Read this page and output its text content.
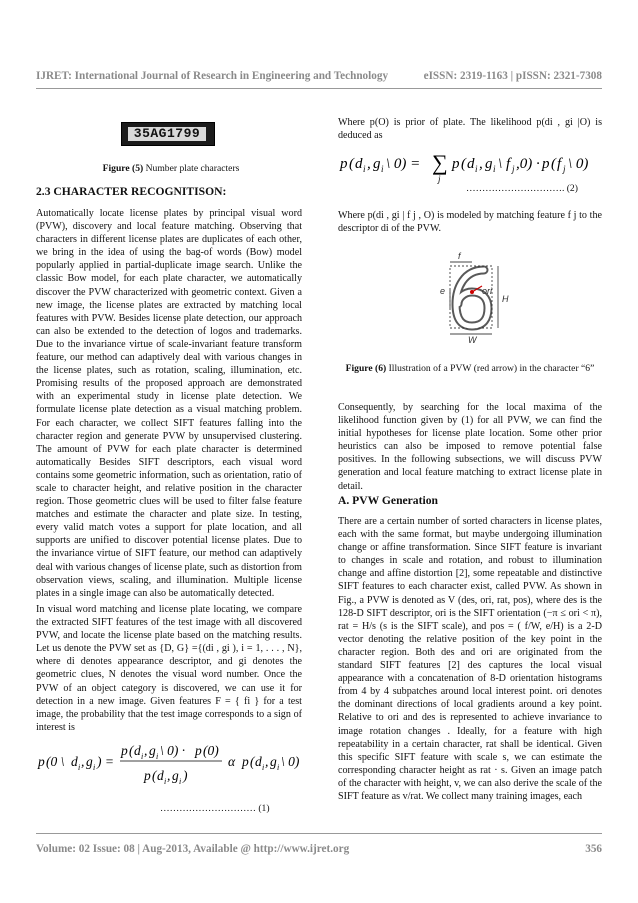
IJRET: International Journal of Research in Engineering and Technology	eISSN: 2319-1163 | pISSN: 2321-7308
35AG1799
Figure (5) Number plate characters
2.3 CHARACTER RECOGNITISON:

Automatically locate license plates by principal visual word (PVW), discovery and local feature matching. Observing that characters in different license plates are duplicates of each other, we bring in the idea of using the bag-of words (Bow) model popularly applied in partial-duplicate image search. Unlike the classic Bow model, for each plate character, we automatically discover the PVW characterized with geometric context. Given a new image, the license plates are extracted by matching local features with PVW. Besides license plate detection, our approach can also be extended to the detection of logos and trademarks. Due to the invariance virtue of scale-invariant feature transform feature, our method can adaptively deal with various changes in the license plates, such as rotation, scaling, illumination, etc. Promising results of the proposed approach are demonstrated with an experimental study in license plate detection. We formulate license plate detection as a visual matching problem. For each character, we collect SIFT features falling into the character region and generate PVW by unsupervised clustering. The amount of PVW for each plate character is determined automatically Besides SIFT descriptors, each visual word contains some geometric information, such as orientation, ratio of scale to character height, and relative position in the character region. Those geometric clues will be used to filter false feature matches and estimate the character and plate size. In testing, every valid match votes a support for plate location, and all supports are unified to discover potential license plates. Due to the invariance virtue of SIFT feature, our method can adaptively deal with various changes of license plate, such as distortion from observation views, scaling, and illumination. Multiple license plates in a single image can also be automatically detected.

In visual word matching and license plate locating, we compare the extracted SIFT features of the test image with all discovered PVW, and locate the license plate based on the matching results. Let us denote the PVW set as {D, G} ={(di , gi ), i = 1, . . . , N}, where di denotes appearance descriptor, and gi denotes the geometric clues, N denotes the visual word number. Once the PVW of an object category is discovered, we can use it for detection in a new image. Given features F = { fi } for a test image, the probability that the test image corresponds to a sign of interest is

p (0 \ d i , g i ) =
p ( d i , g i \ 0) · p (0)
p ( d i , g i )
α p ( d i , g i \ 0)
………………………… (1)

Where p(O) is prior of plate. The likelihood p(di , gi |O) is deduced as

p ( d i , g i \ 0) = ∑
j
p ( d i , g i \ f j ,0) · p ( f j \ 0)
…………………………. (2)

Where p(di , gi | f j , O) is modeled by matching feature f j to the descriptor di of the PVW.

f
e	ori
H
W
Figure (6) Illustration of a PVW (red arrow) in the character “6”

Consequently, by searching for the local maxima of the likelihood function given by (1) for all PVW, we can find the initial hypotheses for license plate location. Some other prior heuristics can also be imposed to remove potential false positives. In the following subsections, we will discuss PVW generation and local feature matching to extract license plate in detail.

A. PVW Generation

There are a certain number of sorted characters in license plates, each with the same format, but maybe undergoing illumination change or affine transformation. Since SIFT feature is invariant to changes in scale and rotation, and robust to illumination change and affine distortion [2], some repeatable and distinctive SIFT features to each character exist, called PVW. As shown in Fig., a PVW is denoted as V (des, ori, rat, pos), where des is the 128-D SIFT descriptor, ori is the SIFT orientation (−π ≤ ori < π), rat = H/s (s is the SIFT scale), and pos = ( f/W, e/H) is a 2-D vector denoting the relative position of the key point in the character region. Both des and ori are originated from the standard SIFT features [2] des captures the local visual appearance with a concatenation of 8-D orientation histograms from 4 by 4 subpatches around local interest point. ori denotes the dominant directions of local gradients around a key point. Relative to ori and des is represented to achieve invariance to image rotation changes . Ideally, for a feature with high repeatability in a certain character, rat shall be identical. Given this specific SIFT feature with scale s, we can estimate the corresponding character height as rat · s. Given an image patch of the character with height, v, we can also derive the scale of the SIFT feature as v/rat. We collect many training images, each

Volume: 02 Issue: 08 | Aug-2013, Available @ http://www.ijret.org	356
